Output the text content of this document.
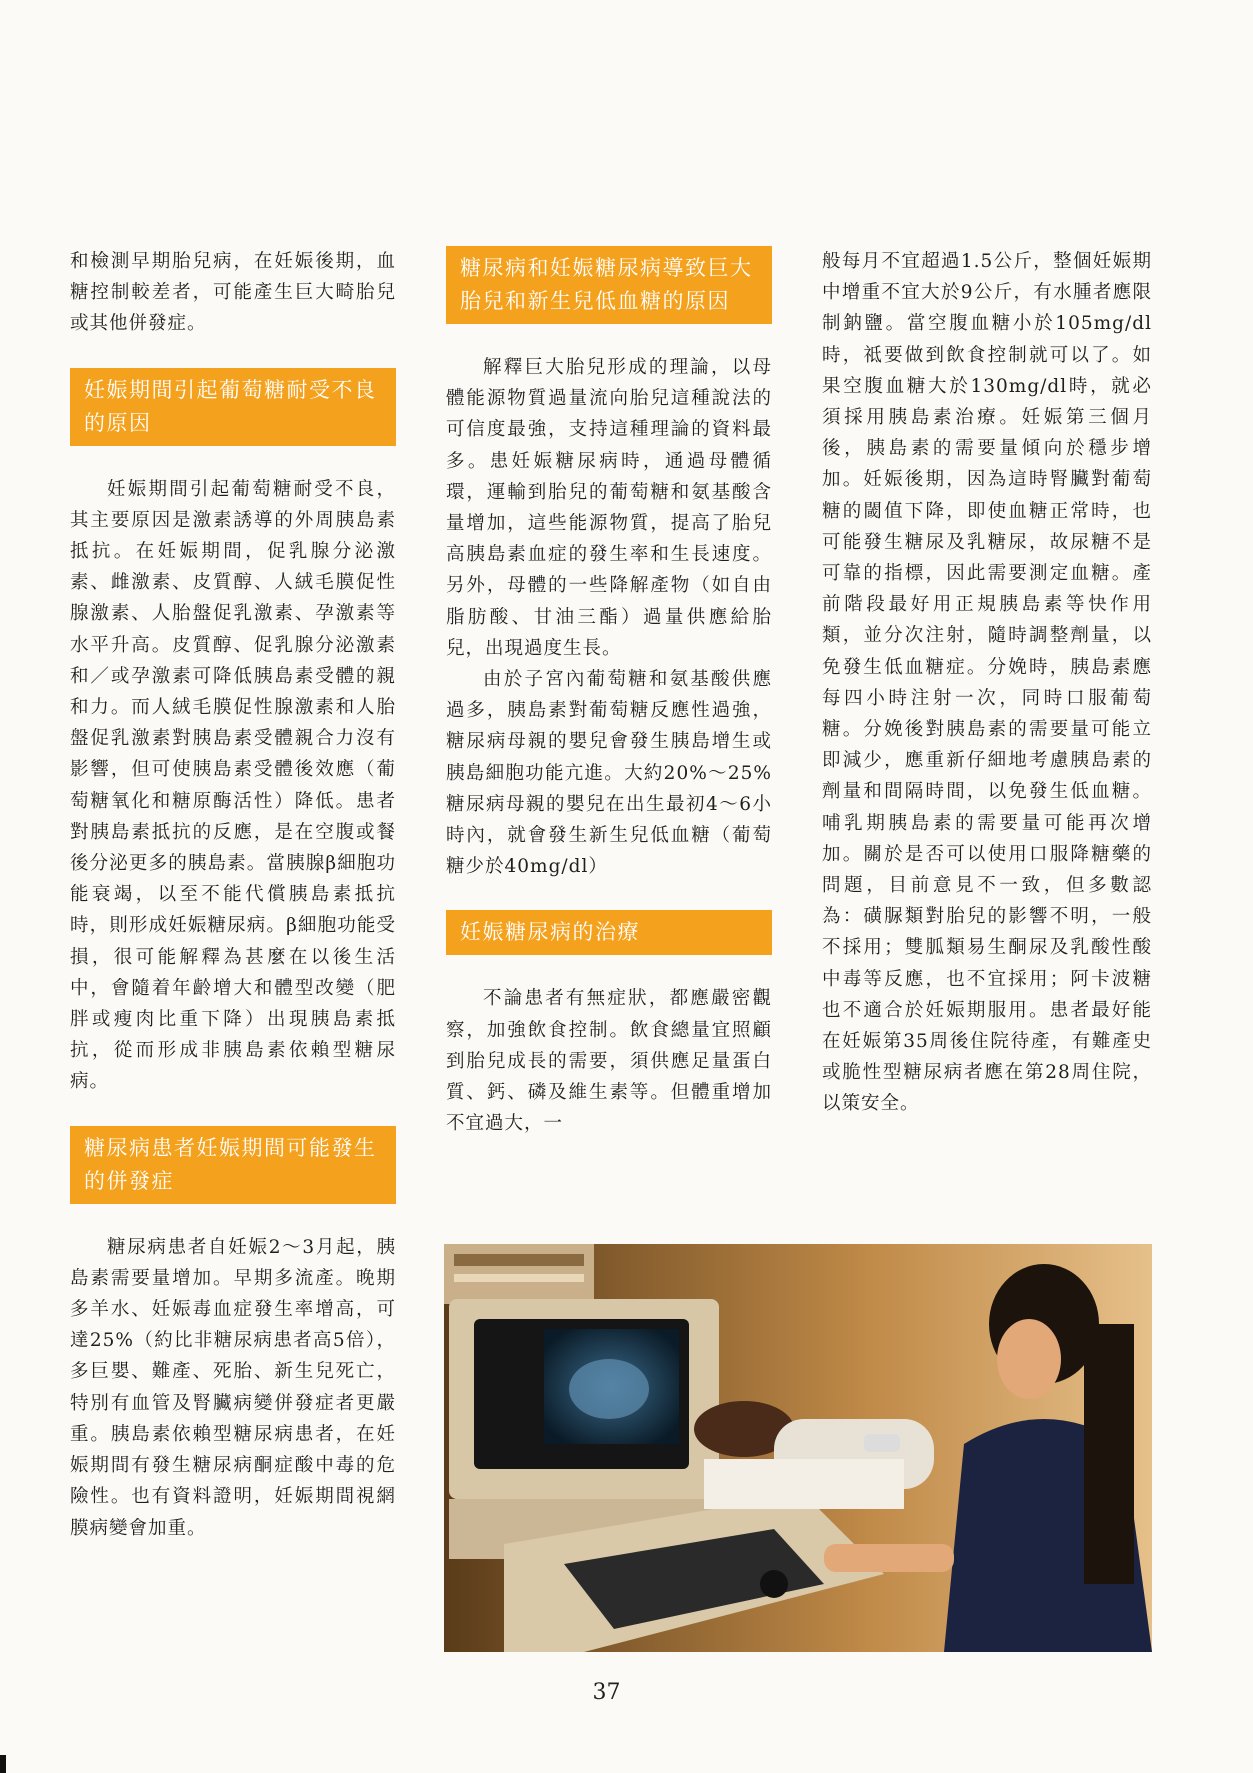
和檢測早期胎兒病，在妊娠後期，血糖控制較差者，可能產生巨大畸胎兒或其他併發症。

妊娠期間引起葡萄糖耐受不良的原因

妊娠期間引起葡萄糖耐受不良，其主要原因是激素誘導的外周胰島素抵抗。在妊娠期間，促乳腺分泌激素、雌激素、皮質醇、人絨毛膜促性腺激素、人胎盤促乳激素、孕激素等水平升高。皮質醇、促乳腺分泌激素和／或孕激素可降低胰島素受體的親和力。而人絨毛膜促性腺激素和人胎盤促乳激素對胰島素受體親合力沒有影響，但可使胰島素受體後效應（葡萄糖氧化和糖原酶活性）降低。患者對胰島素抵抗的反應，是在空腹或餐後分泌更多的胰島素。當胰腺β細胞功能衰竭，以至不能代償胰島素抵抗時，則形成妊娠糖尿病。β細胞功能受損，很可能解釋為甚麼在以後生活中，會隨着年齡增大和體型改變（肥胖或瘦肉比重下降）出現胰島素抵抗，從而形成非胰島素依賴型糖尿病。

糖尿病患者妊娠期間可能發生的併發症

糖尿病患者自妊娠2～3月起，胰島素需要量增加。早期多流產。晚期多羊水、妊娠毒血症發生率增高，可達25%（約比非糖尿病患者高5倍），多巨嬰、難產、死胎、新生兒死亡，特別有血管及腎臟病變併發症者更嚴重。胰島素依賴型糖尿病患者，在妊娠期間有發生糖尿病酮症酸中毒的危險性。也有資料證明，妊娠期間視網膜病變會加重。

糖尿病和妊娠糖尿病導致巨大胎兒和新生兒低血糖的原因

解釋巨大胎兒形成的理論，以母體能源物質過量流向胎兒這種說法的可信度最強，支持這種理論的資料最多。患妊娠糖尿病時，通過母體循環，運輸到胎兒的葡萄糖和氨基酸含量增加，這些能源物質，提高了胎兒高胰島素血症的發生率和生長速度。另外，母體的一些降解產物（如自由脂肪酸、甘油三酯）過量供應給胎兒，出現過度生長。

由於子宮內葡萄糖和氨基酸供應過多，胰島素對葡萄糖反應性過強，糖尿病母親的嬰兒會發生胰島增生或胰島細胞功能亢進。大約20%～25%糖尿病母親的嬰兒在出生最初4～6小時內，就會發生新生兒低血糖（葡萄糖少於40mg/dl）

妊娠糖尿病的治療

不論患者有無症狀，都應嚴密觀察，加強飲食控制。飲食總量宜照顧到胎兒成長的需要，須供應足量蛋白質、鈣、磷及維生素等。但體重增加不宜過大，一

般每月不宜超過1.5公斤，整個妊娠期中增重不宜大於9公斤，有水腫者應限制鈉鹽。當空腹血糖小於105mg/dl時，祗要做到飲食控制就可以了。如果空腹血糖大於130mg/dl時，就必須採用胰島素治療。妊娠第三個月後，胰島素的需要量傾向於穩步增加。妊娠後期，因為這時腎臟對葡萄糖的閾值下降，即使血糖正常時，也可能發生糖尿及乳糖尿，故尿糖不是可靠的指標，因此需要測定血糖。產前階段最好用正規胰島素等快作用類，並分次注射，隨時調整劑量，以免發生低血糖症。分娩時，胰島素應每四小時注射一次，同時口服葡萄糖。分娩後對胰島素的需要量可能立即減少，應重新仔細地考慮胰島素的劑量和間隔時間，以免發生低血糖。哺乳期胰島素的需要量可能再次增加。關於是否可以使用口服降糖藥的問題，目前意見不一致，但多數認為：磺脲類對胎兒的影響不明，一般不採用；雙胍類易生酮尿及乳酸性酸中毒等反應，也不宜採用；阿卡波糖也不適合於妊娠期服用。患者最好能在妊娠第35周後住院待產，有難產史或脆性型糖尿病者應在第28周住院，以策安全。

37
